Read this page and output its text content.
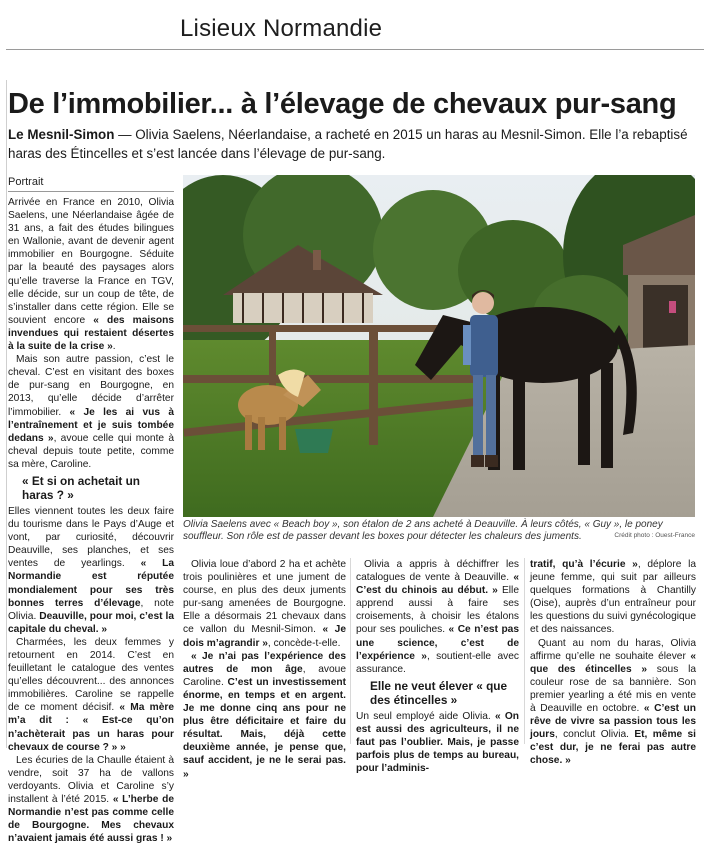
Lisieux Normandie
De l’immobilier... à l’élevage de chevaux pur-sang
Le Mesnil-Simon — Olivia Saelens, Néerlandaise, a racheté en 2015 un haras au Mesnil-Simon. Elle l’a rebaptisé haras des Étincelles et s’est lancée dans l’élevage de pur-sang.
Portrait

Arrivée en France en 2010, Olivia Saelens, une Néerlandaise âgée de 31 ans, a fait des études bilingues en Wallonie, avant de devenir agent immobilier en Bourgogne. Séduite par la beauté des paysages alors qu’elle traverse la France en TGV, elle décide, sur un coup de tête, de s’installer dans cette région. Elle se souvient encore « des maisons invendues qui restaient désertes à la suite de la crise ».

Mais son autre passion, c’est le cheval. C’est en visitant des boxes de pur-sang en Bourgogne, en 2013, qu’elle décide d’arrêter l’immobilier. « Je les ai vus à l’entraînement et je suis tombée dedans », avoue celle qui monte à cheval depuis toute petite, comme sa mère, Caroline.

« Et si on achetait un haras ? »

Elles viennent toutes les deux faire du tourisme dans le Pays d’Auge et vont, par curiosité, découvrir Deauville, ses planches, et ses ventes de yearlings. « La Normandie est réputée mondialement pour ses très bonnes terres d’élevage, note Olivia. Deauville, pour moi, c’est la capitale du cheval. »

Charmées, les deux femmes y retournent en 2014. C’est en feuilletant le catalogue des ventes qu’elles découvrent... des annonces immobilières. Caroline se rappelle de ce moment décisif. « Ma mère m’a dit : « Est-ce qu’on n’achèterait pas un haras pour chevaux de course ? » »

Les écuries de la Chaulle étaient à vendre, soit 37 ha de vallons verdoyants. Olivia et Caroline s’y installent à l’été 2015. « L’herbe de Normandie n’est pas comme celle de Bourgogne. Mes chevaux n’avaient jamais été aussi gras ! »

Olivia Saelens avec « Beach boy », son étalon de 2 ans acheté à Deauville. À leurs côtés, « Guy », le poney souffleur. Son rôle est de passer devant les boxes pour détecter les chaleurs des juments.	Crédit photo : Ouest-France

Olivia loue d’abord 2 ha et achète trois poulinières et une jument de course, en plus des deux juments pur-sang amenées de Bourgogne. Elle a désormais 21 chevaux dans ce vallon du Mesnil-Simon. « Je dois m’agrandir », concède-t-elle.

« Je n’ai pas l’expérience des autres de mon âge, avoue Caroline. C’est un investissement énorme, en temps et en argent. Je me donne cinq ans pour ne plus être déficitaire et faire du résultat. Mais, déjà cette deuxième année, je pense que, sauf accident, je ne le serai pas. »

Olivia a appris à déchiffrer les catalogues de vente à Deauville. « C’est du chinois au début. » Elle apprend aussi à faire ses croisements, à choisir les étalons pour ses pouliches. « Ce n’est pas une science, c’est de l’expérience », soutient-elle avec assurance.

Elle ne veut élever « que des étincelles »

Un seul employé aide Olivia. « On est aussi des agriculteurs, il ne faut pas l’oublier. Mais, je passe parfois plus de temps au bureau, pour l’adminis-

tratif, qu’à l’écurie », déplore la jeune femme, qui suit par ailleurs quelques formations à Chantilly (Oise), auprès d’un entraîneur pour les questions du suivi gynécologique et des naissances.

Quant au nom du haras, Olivia affirme qu’elle ne souhaite élever « que des étincelles » sous la couleur rose de sa bannière. Son premier yearling a été mis en vente à Deauville en octobre. « C’est un rêve de vivre sa passion tous les jours, conclut Olivia. Et, même si c’est dur, je ne ferai pas autre chose. »
